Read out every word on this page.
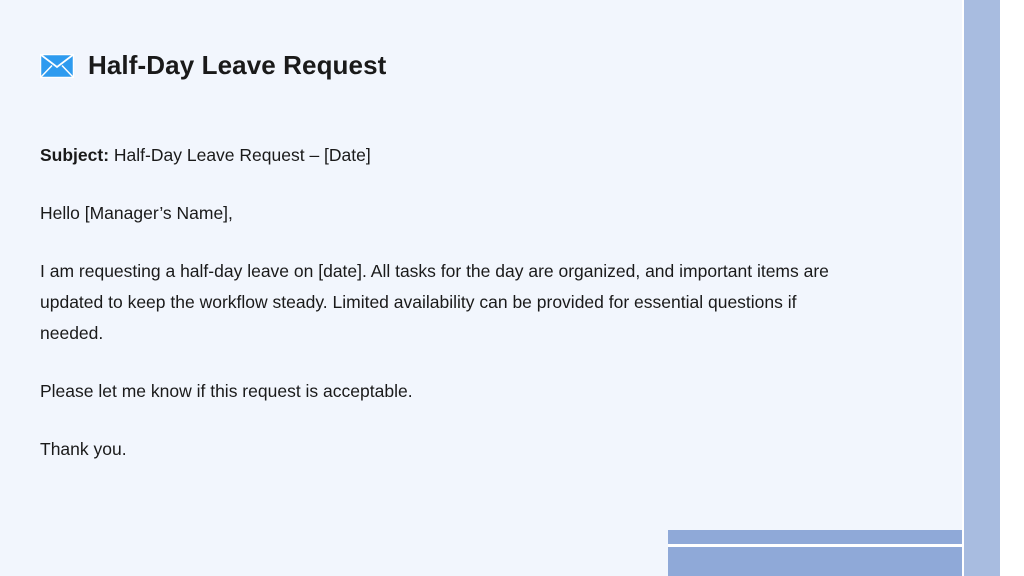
Half-Day Leave Request

Subject: Half-Day Leave Request – [Date]

Hello [Manager’s Name],

I am requesting a half-day leave on [date]. All tasks for the day are organized, and important items are updated to keep the workflow steady. Limited availability can be provided for essential questions if needed.

Please let me know if this request is acceptable.

Thank you.
